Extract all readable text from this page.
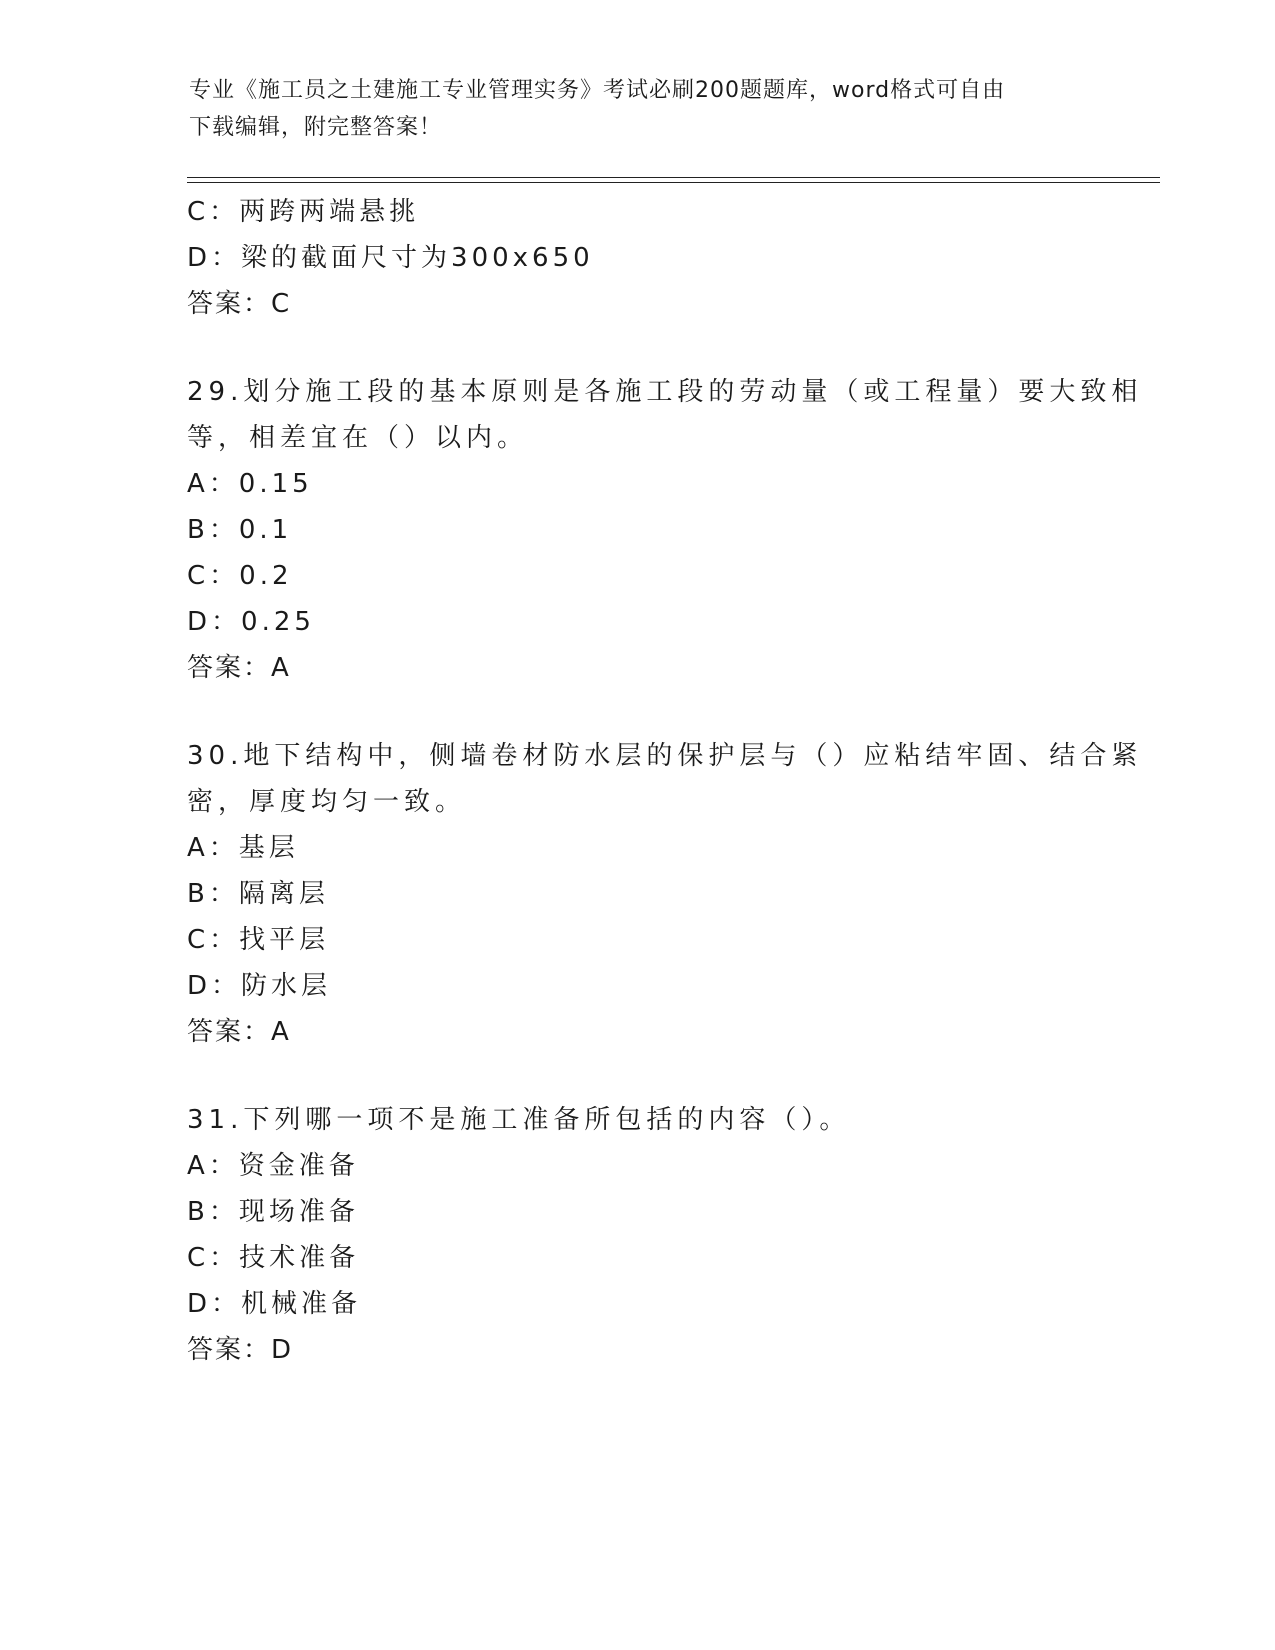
专业《施工员之土建施工专业管理实务》考试必刷200题题库，word格式可自由
下载编辑，附完整答案！
C：两跨两端悬挑
D：梁的截面尺寸为300x650
答案：C
29.划分施工段的基本原则是各施工段的劳动量（或工程量）要大致相
等，相差宜在（）以内。
A：0.15
B：0.1
C：0.2
D：0.25
答案：A
30.地下结构中，侧墙卷材防水层的保护层与（）应粘结牢固、结合紧
密，厚度均匀一致。
A：基层
B：隔离层
C：找平层
D：防水层
答案：A
31.下列哪一项不是施工准备所包括的内容（）。
A：资金准备
B：现场准备
C：技术准备
D：机械准备
答案：D
